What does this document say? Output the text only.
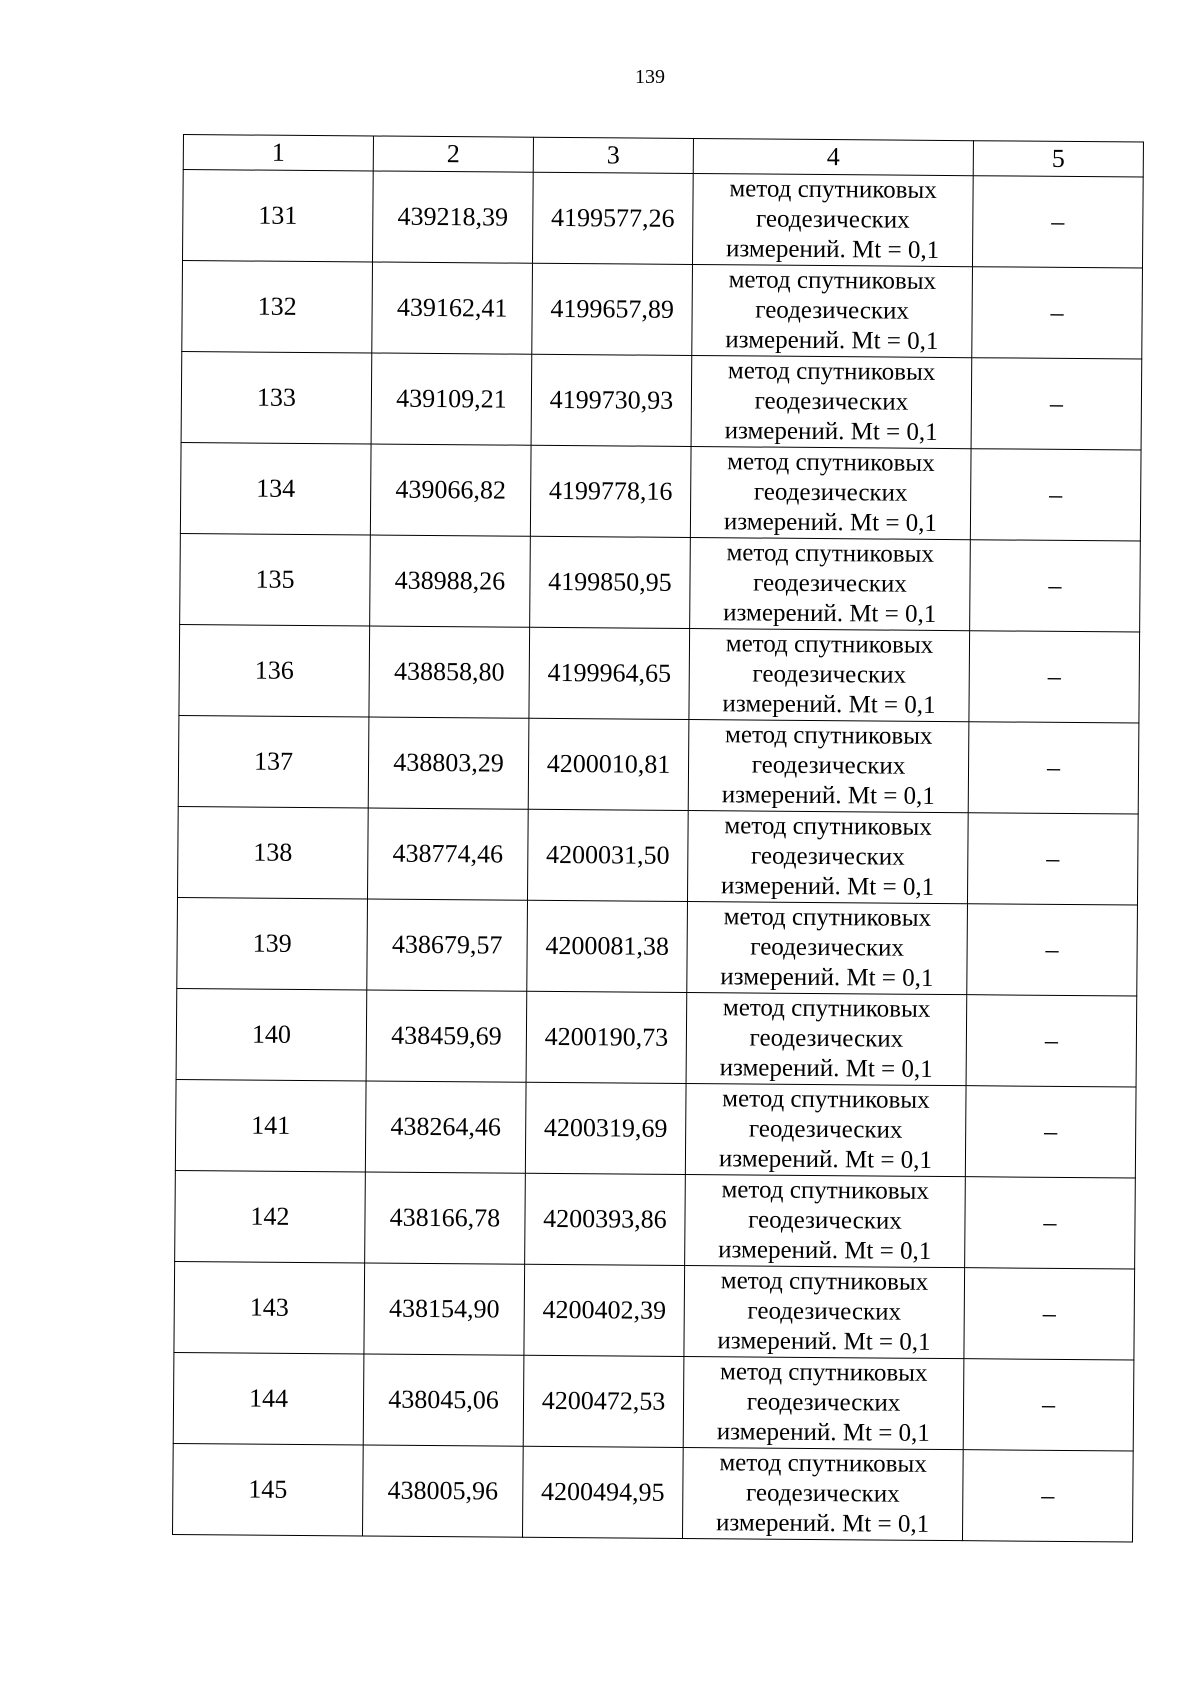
139
1	2	3	4	5
131	439218,39	4199577,26	метод спутниковых
геодезических
измерений. Mt = 0,1	–
132	439162,41	4199657,89	метод спутниковых
геодезических
измерений. Mt = 0,1	–
133	439109,21	4199730,93	метод спутниковых
геодезических
измерений. Mt = 0,1	–
134	439066,82	4199778,16	метод спутниковых
геодезических
измерений. Mt = 0,1	–
135	438988,26	4199850,95	метод спутниковых
геодезических
измерений. Mt = 0,1	–
136	438858,80	4199964,65	метод спутниковых
геодезических
измерений. Mt = 0,1	–
137	438803,29	4200010,81	метод спутниковых
геодезических
измерений. Mt = 0,1	–
138	438774,46	4200031,50	метод спутниковых
геодезических
измерений. Mt = 0,1	–
139	438679,57	4200081,38	метод спутниковых
геодезических
измерений. Mt = 0,1	–
140	438459,69	4200190,73	метод спутниковых
геодезических
измерений. Mt = 0,1	–
141	438264,46	4200319,69	метод спутниковых
геодезических
измерений. Mt = 0,1	–
142	438166,78	4200393,86	метод спутниковых
геодезических
измерений. Mt = 0,1	–
143	438154,90	4200402,39	метод спутниковых
геодезических
измерений. Mt = 0,1	–
144	438045,06	4200472,53	метод спутниковых
геодезических
измерений. Mt = 0,1	–
145	438005,96	4200494,95	метод спутниковых
геодезических
измерений. Mt = 0,1	–
